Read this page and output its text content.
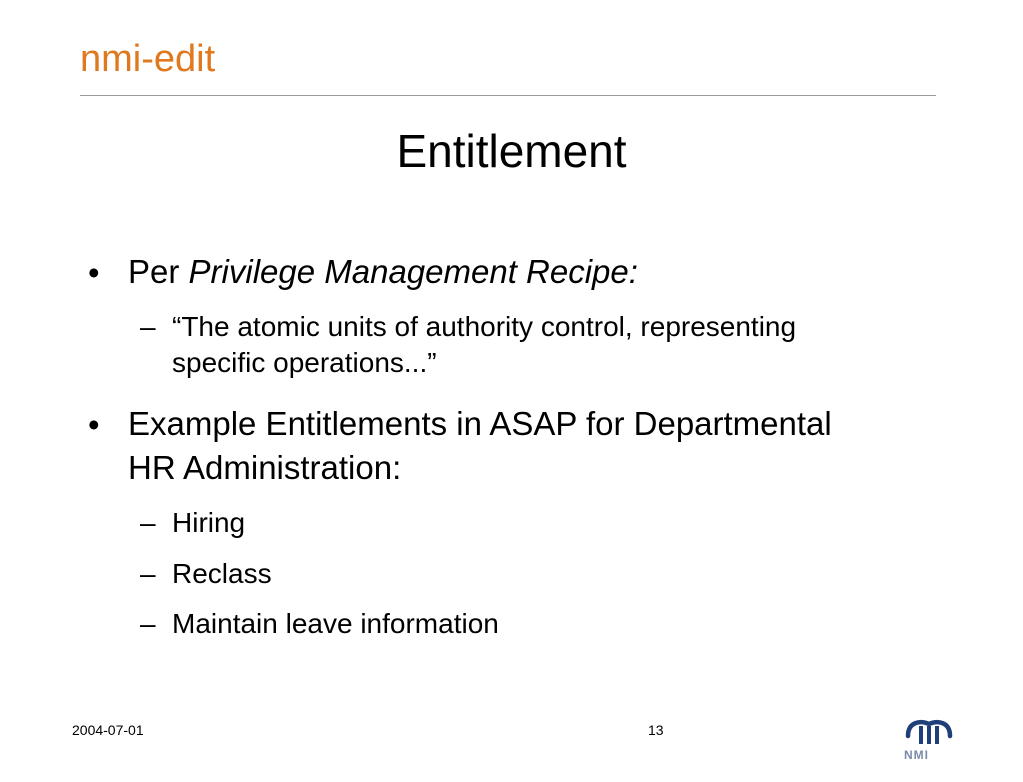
nmi-edit
Entitlement
• Per Privilege Management Recipe:
– “The atomic units of authority control, representing
specific operations...”
• Example Entitlements in ASAP for Departmental
HR Administration:
– Hiring
– Reclass
– Maintain leave information
2004-07-01	13
NMI
